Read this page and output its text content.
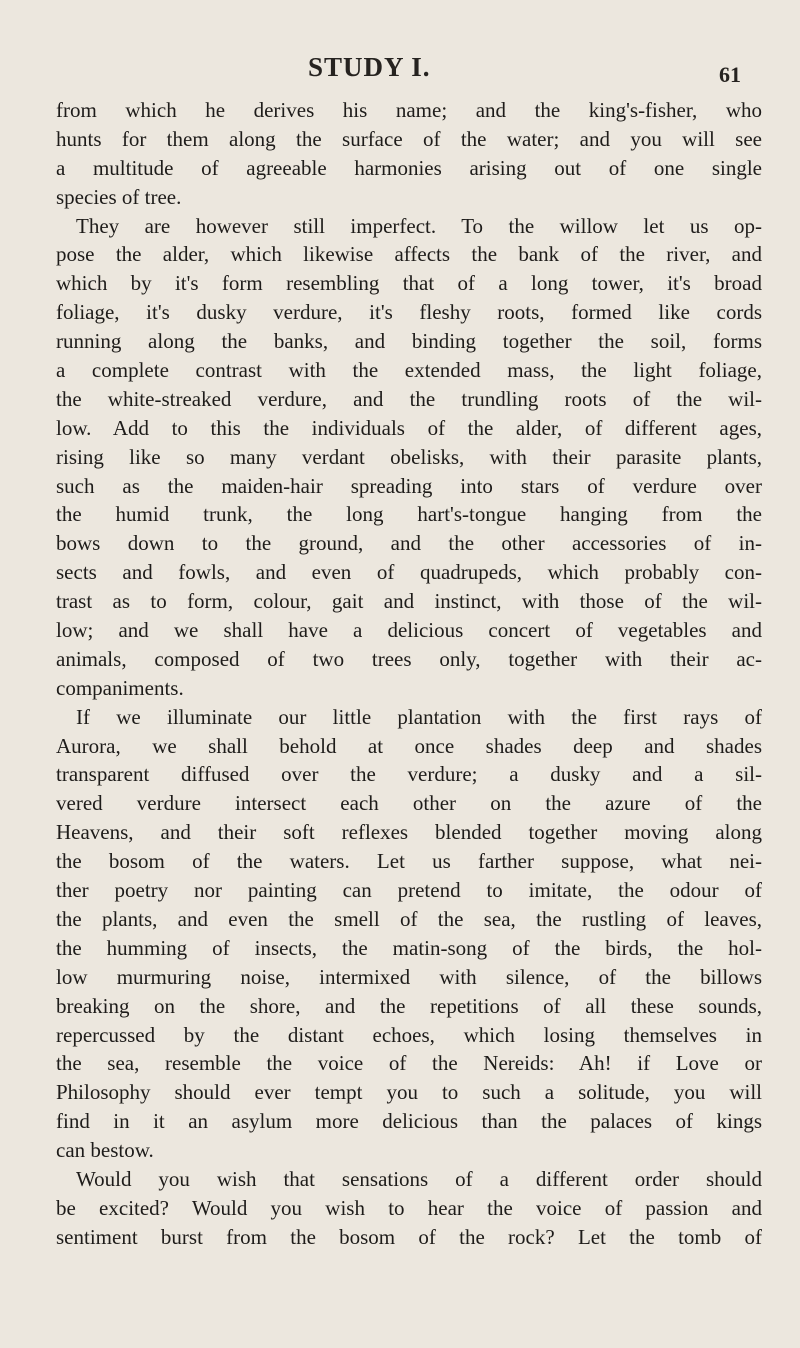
STUDY I.	61
from which he derives his name; and the king's-fisher, who
hunts for them along the surface of the water; and you will see
a multitude of agreeable harmonies arising out of one single
species of tree.
They are however still imperfect. To the willow let us op-
pose the alder, which likewise affects the bank of the river, and
which by it's form resembling that of a long tower, it's broad
foliage, it's dusky verdure, it's fleshy roots, formed like cords
running along the banks, and binding together the soil, forms
a complete contrast with the extended mass, the light foliage,
the white-streaked verdure, and the trundling roots of the wil-
low. Add to this the individuals of the alder, of different ages,
rising like so many verdant obelisks, with their parasite plants,
such as the maiden-hair spreading into stars of verdure over
the humid trunk, the long hart's-tongue hanging from the
bows down to the ground, and the other accessories of in-
sects and fowls, and even of quadrupeds, which probably con-
trast as to form, colour, gait and instinct, with those of the wil-
low; and we shall have a delicious concert of vegetables and
animals, composed of two trees only, together with their ac-
companiments.
If we illuminate our little plantation with the first rays of
Aurora, we shall behold at once shades deep and shades
transparent diffused over the verdure; a dusky and a sil-
vered verdure intersect each other on the azure of the
Heavens, and their soft reflexes blended together moving along
the bosom of the waters. Let us farther suppose, what nei-
ther poetry nor painting can pretend to imitate, the odour of
the plants, and even the smell of the sea, the rustling of leaves,
the humming of insects, the matin-song of the birds, the hol-
low murmuring noise, intermixed with silence, of the billows
breaking on the shore, and the repetitions of all these sounds,
repercussed by the distant echoes, which losing themselves in
the sea, resemble the voice of the Nereids: Ah! if Love or
Philosophy should ever tempt you to such a solitude, you will
find in it an asylum more delicious than the palaces of kings
can bestow.
Would you wish that sensations of a different order should
be excited? Would you wish to hear the voice of passion and
sentiment burst from the bosom of the rock? Let the tomb of
